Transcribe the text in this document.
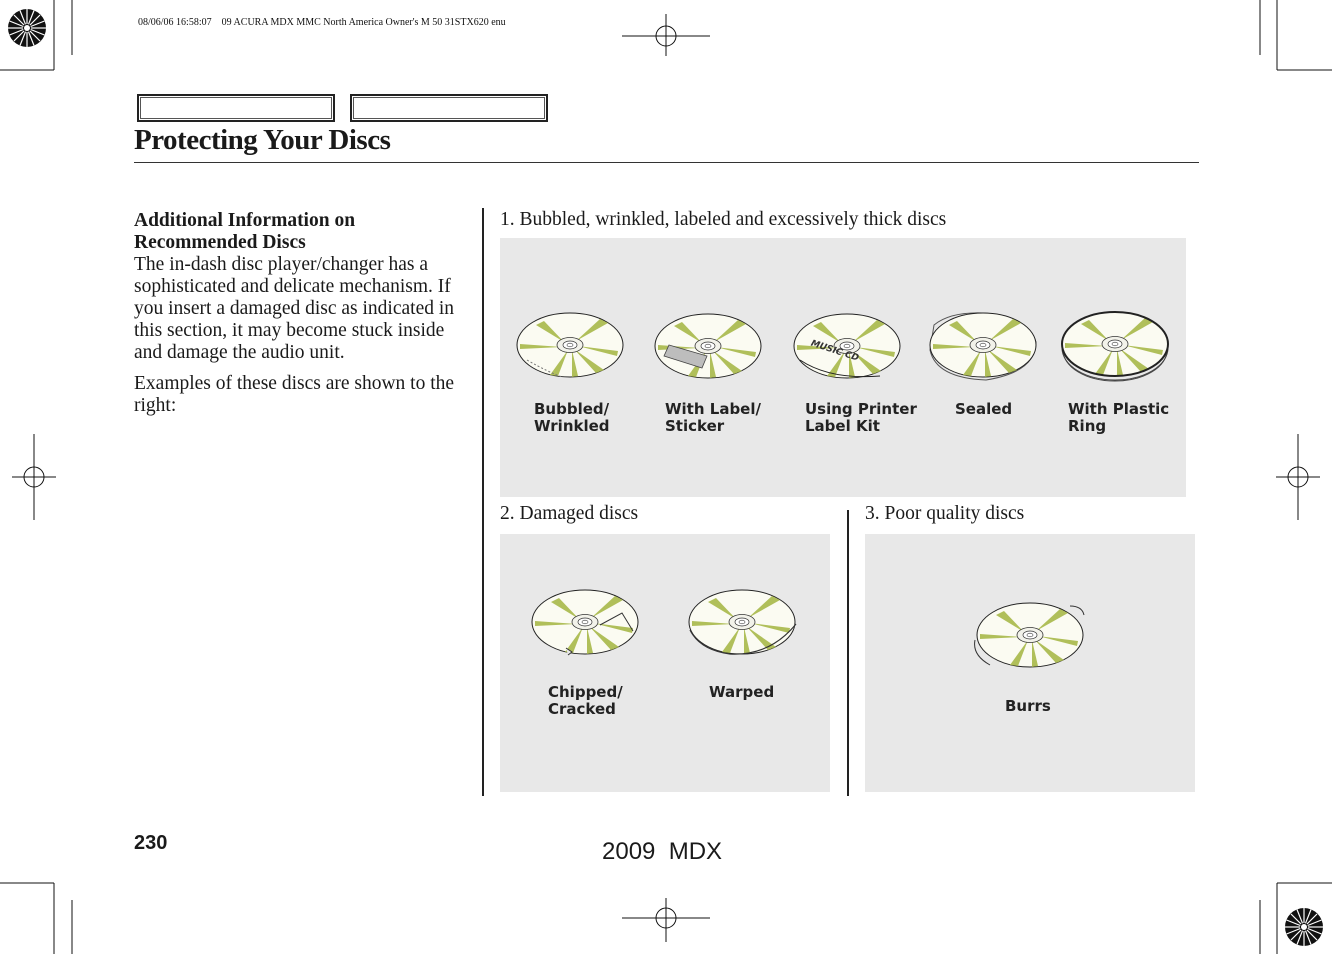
08/06/06 16:58:07    09 ACURA MDX MMC North America Owner's M 50 31STX620 enu
Protecting Your Discs
Additional Information on
Recommended Discs

The in-dash disc player/changer has a sophisticated and delicate mechanism. If you insert a damaged disc as indicated in this section, it may become stuck inside and damage the audio unit.

Examples of these discs are shown to the right:

1. Bubbled, wrinkled, labeled and excessively thick discs
2. Damaged discs	3. Poor quality discs
Bubbled/
Wrinkled
With Label/
Sticker
Using Printer
Label Kit
Sealed	With Plastic
Ring
Chipped/
Cracked
Warped
Burrs
MUSIC CD
230	2009  MDX
